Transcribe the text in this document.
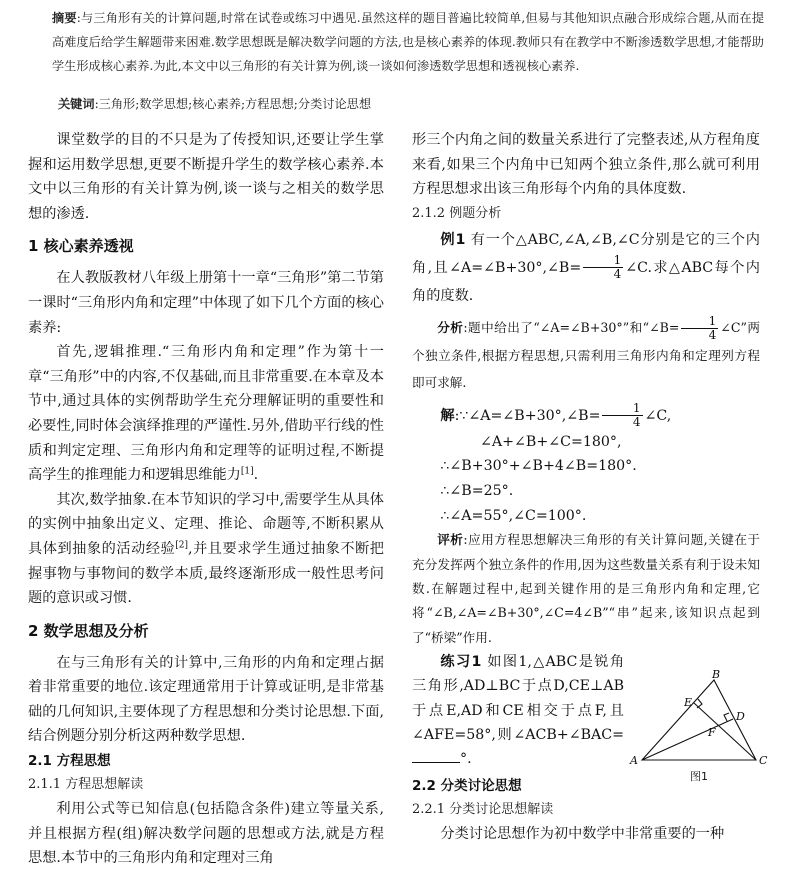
摘要:与三角形有关的计算问题,时常在试卷或练习中遇见.虽然这样的题目普遍比较简单,但易与其他知识点融合形成综合题,从而在提高难度后给学生解题带来困难.数学思想既是解决数学问题的方法,也是核心素养的体现.教师只有在教学中不断渗透数学思想,才能帮助学生形成核心素养.为此,本文中以三角形的有关计算为例,谈一谈如何渗透数学思想和透视核心素养.
关键词:三角形;数学思想;核心素养;方程思想;分类讨论思想

课堂数学的目的不只是为了传授知识,还要让学生掌握和运用数学思想,更要不断提升学生的数学核心素养.本文中以三角形的有关计算为例,谈一谈与之相关的数学思想的渗透.

1 核心素养透视

在人教版教材八年级上册第十一章“三角形”第二节第一课时“三角形内角和定理”中体现了如下几个方面的核心素养:

首先,逻辑推理.“三角形内角和定理”作为第十一章“三角形”中的内容,不仅基础,而且非常重要.在本章及本节中,通过具体的实例帮助学生充分理解证明的重要性和必要性,同时体会演绎推理的严谨性.另外,借助平行线的性质和判定定理、三角形内角和定理等的证明过程,不断提高学生的推理能力和逻辑思维能力[1].

其次,数学抽象.在本节知识的学习中,需要学生从具体的实例中抽象出定义、定理、推论、命题等,不断积累从具体到抽象的活动经验[2],并且要求学生通过抽象不断把握事物与事物间的数学本质,最终逐渐形成一般性思考问题的意识或习惯.

2 数学思想及分析

在与三角形有关的计算中,三角形的内角和定理占据着非常重要的地位.该定理通常用于计算或证明,是非常基础的几何知识,主要体现了方程思想和分类讨论思想.下面,结合例题分别分析这两种数学思想.

2.1 方程思想

2.1.1 方程思想解读

利用公式等已知信息(包括隐含条件)建立等量关系,并且根据方程(组)解决数学问题的思想或方法,就是方程思想.本节中的三角形内角和定理对三角

形三个内角之间的数量关系进行了完整表述,从方程角度来看,如果三个内角中已知两个独立条件,那么就可利用方程思想求出该三角形每个内角的具体度数.

2.1.2 例题分析

例1 有一个△ABC,∠A,∠B,∠C分别是它的三个内角,且∠A=∠B+30°,∠B= $\frac{1}{4}$ ∠C.求△ABC每个内角的度数.

分析:题中给出了“∠A=∠B+30°”和“∠B= $\frac{1}{4}$ ∠C”两个独立条件,根据方程思想,只需利用三角形内角和定理列方程即可求解.

解:∵∠A=∠B+30°,∠B= $\frac{1}{4}$ ∠C,

∠A+∠B+∠C=180°,

∴∠B+30°+∠B+4∠B=180°.

∴∠B=25°.

∴∠A=55°,∠C=100°.

评析:应用方程思想解决三角形的有关计算问题,关键在于充分发挥两个独立条件的作用,因为这些数量关系有利于设未知数.在解题过程中,起到关键作用的是三角形内角和定理,它将“∠B,∠A=∠B+30°,∠C=4∠B”“串”起来,该知识点起到了“桥梁”作用.

练习1 如图1,△ABC是锐角三角形,AD⊥BC于点D,CE⊥AB于点E,AD和CE相交于点F,且∠AFE=58°,则∠ACB+∠BAC=°.

2.2 分类讨论思想

2.2.1 分类讨论思想解读

分类讨论思想作为初中数学中非常重要的一种

B
A	C
D
E
F
图1
